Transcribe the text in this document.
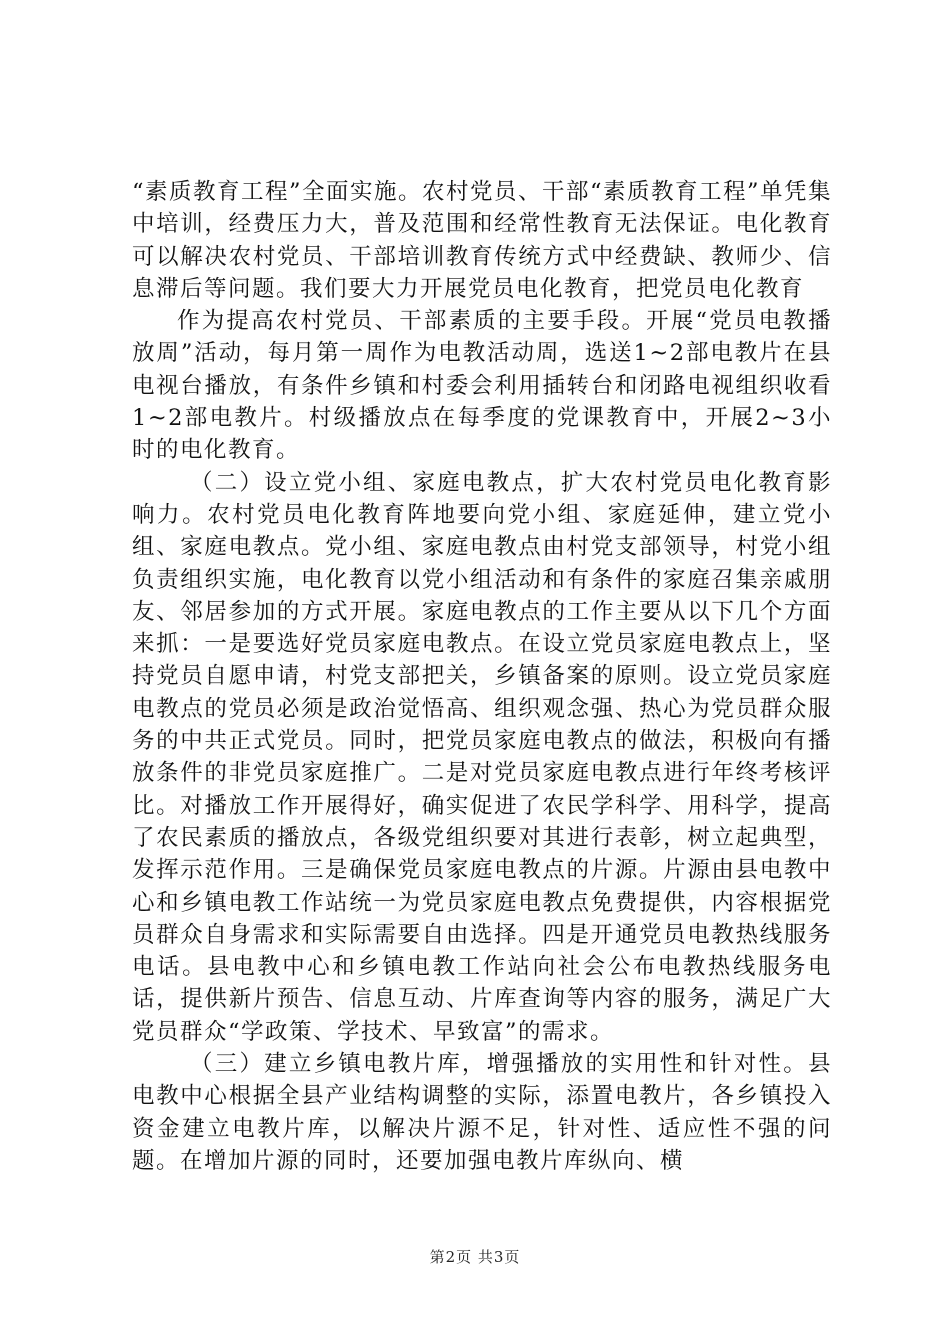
“素质教育工程”全面实施。农村党员、干部“素质教育工程”单凭集中培训，经费压力大，普及范围和经常性教育无法保证。电化教育可以解决农村党员、干部培训教育传统方式中经费缺、教师少、信息滞后等问题。我们要大力开展党员电化教育，把党员电化教育

作为提高农村党员、干部素质的主要手段。开展“党员电教播放周”活动，每月第一周作为电教活动周，选送1~2部电教片在县电视台播放，有条件乡镇和村委会利用插转台和闭路电视组织收看1~2部电教片。村级播放点在每季度的党课教育中，开展2~3小时的电化教育。

（二）设立党小组、家庭电教点，扩大农村党员电化教育影响力。农村党员电化教育阵地要向党小组、家庭延伸，建立党小组、家庭电教点。党小组、家庭电教点由村党支部领导，村党小组负责组织实施，电化教育以党小组活动和有条件的家庭召集亲戚朋友、邻居参加的方式开展。家庭电教点的工作主要从以下几个方面来抓：一是要选好党员家庭电教点。在设立党员家庭电教点上，坚持党员自愿申请，村党支部把关，乡镇备案的原则。设立党员家庭电教点的党员必须是政治觉悟高、组织观念强、热心为党员群众服务的中共正式党员。同时，把党员家庭电教点的做法，积极向有播放条件的非党员家庭推广。二是对党员家庭电教点进行年终考核评比。对播放工作开展得好，确实促进了农民学科学、用科学，提高了农民素质的播放点，各级党组织要对其进行表彰，树立起典型，发挥示范作用。三是确保党员家庭电教点的片源。片源由县电教中心和乡镇电教工作站统一为党员家庭电教点免费提供，内容根据党员群众自身需求和实际需要自由选择。四是开通党员电教热线服务电话。县电教中心和乡镇电教工作站向社会公布电教热线服务电话，提供新片预告、信息互动、片库查询等内容的服务，满足广大党员群众“学政策、学技术、早致富”的需求。

（三）建立乡镇电教片库，增强播放的实用性和针对性。县电教中心根据全县产业结构调整的实际，添置电教片，各乡镇投入资金建立电教片库，以解决片源不足，针对性、适应性不强的问题。在增加片源的同时，还要加强电教片库纵向、横

第2页 共3页
